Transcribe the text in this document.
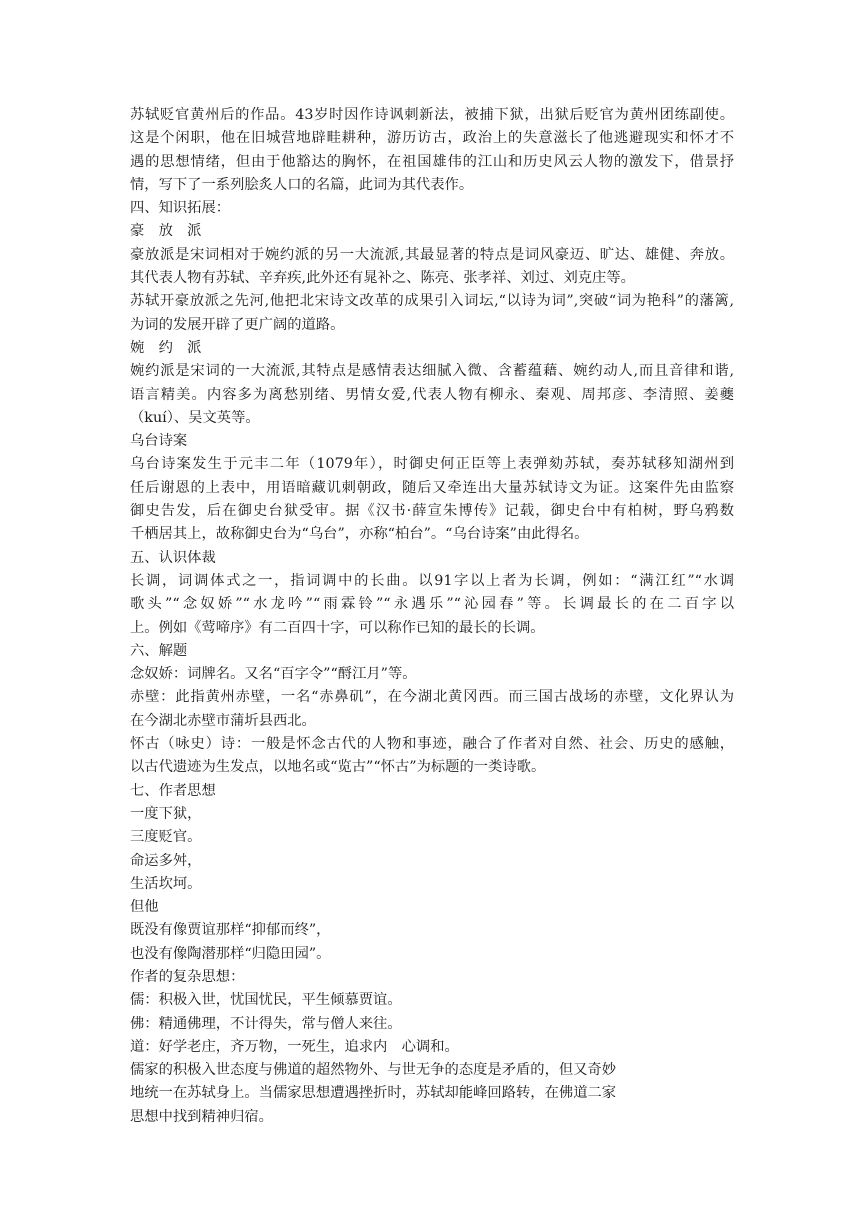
苏轼贬官黄州后的作品。43岁时因作诗讽刺新法，被捕下狱，出狱后贬官为黄州团练副使。
这是个闲职，他在旧城营地辟畦耕种，游历访古，政治上的失意滋长了他逃避现实和怀才不
遇的思想情绪，但由于他豁达的胸怀，在祖国雄伟的江山和历史风云人物的激发下，借景抒
情，写下了一系列脍炙人口的名篇，此词为其代表作。
四、知识拓展：
豪　放　派
豪放派是宋词相对于婉约派的另一大流派,其最显著的特点是词风豪迈、旷达、雄健、奔放。
其代表人物有苏轼、辛弃疾,此外还有晁补之、陈亮、张孝祥、刘过、刘克庄等。
苏轼开豪放派之先河,他把北宋诗文改革的成果引入词坛,“以诗为词”,突破“词为艳科”的藩篱,
为词的发展开辟了更广阔的道路。
婉　约　派
婉约派是宋词的一大流派,其特点是感情表达细腻入微、含蓄蕴藉、婉约动人,而且音律和谐,
语言精美。内容多为离愁别绪、男情女爱,代表人物有柳永、秦观、周邦彦、李清照、姜夔
（kuí）、吴文英等。
乌台诗案
乌台诗案发生于元丰二年（1079年），时御史何正臣等上表弹劾苏轼，奏苏轼移知湖州到
任后谢恩的上表中，用语暗藏讥刺朝政，随后又牵连出大量苏轼诗文为证。这案件先由监察
御史告发，后在御史台狱受审。据《汉书·薛宣朱博传》记载，御史台中有柏树，野乌鸦数
千栖居其上，故称御史台为“乌台”，亦称“柏台”。“乌台诗案”由此得名。
五、认识体裁
长调，词调体式之一，指词调中的长曲。以91字以上者为长调，例如：“满江红”“水调
歌头”“念奴娇”“水龙吟”“雨霖铃”“永遇乐”“沁园春”等。长调最长的在二百字以
上。例如《莺啼序》有二百四十字，可以称作已知的最长的长调。
六、解题
念奴娇：词牌名。又名“百字令”“酹江月”等。
赤壁：此指黄州赤壁，一名“赤鼻矶”，在今湖北黄冈西。而三国古战场的赤壁，文化界认为
在今湖北赤壁市蒲圻县西北。
怀古（咏史）诗：一般是怀念古代的人物和事迹，融合了作者对自然、社会、历史的感触，
以古代遗迹为生发点，以地名或“览古”“怀古”为标题的一类诗歌。
七、作者思想
一度下狱，
三度贬官。
命运多舛，
生活坎坷。
但他
既没有像贾谊那样“抑郁而终”，
也没有像陶潜那样“归隐田园”。
作者的复杂思想：
儒：积极入世，忧国忧民，平生倾慕贾谊。
佛：精通佛理，不计得失，常与僧人来往。
道：好学老庄，齐万物，一死生，追求内　心调和。
儒家的积极入世态度与佛道的超然物外、与世无争的态度是矛盾的，但又奇妙
地统一在苏轼身上。当儒家思想遭遇挫折时，苏轼却能峰回路转，在佛道二家
思想中找到精神归宿。
